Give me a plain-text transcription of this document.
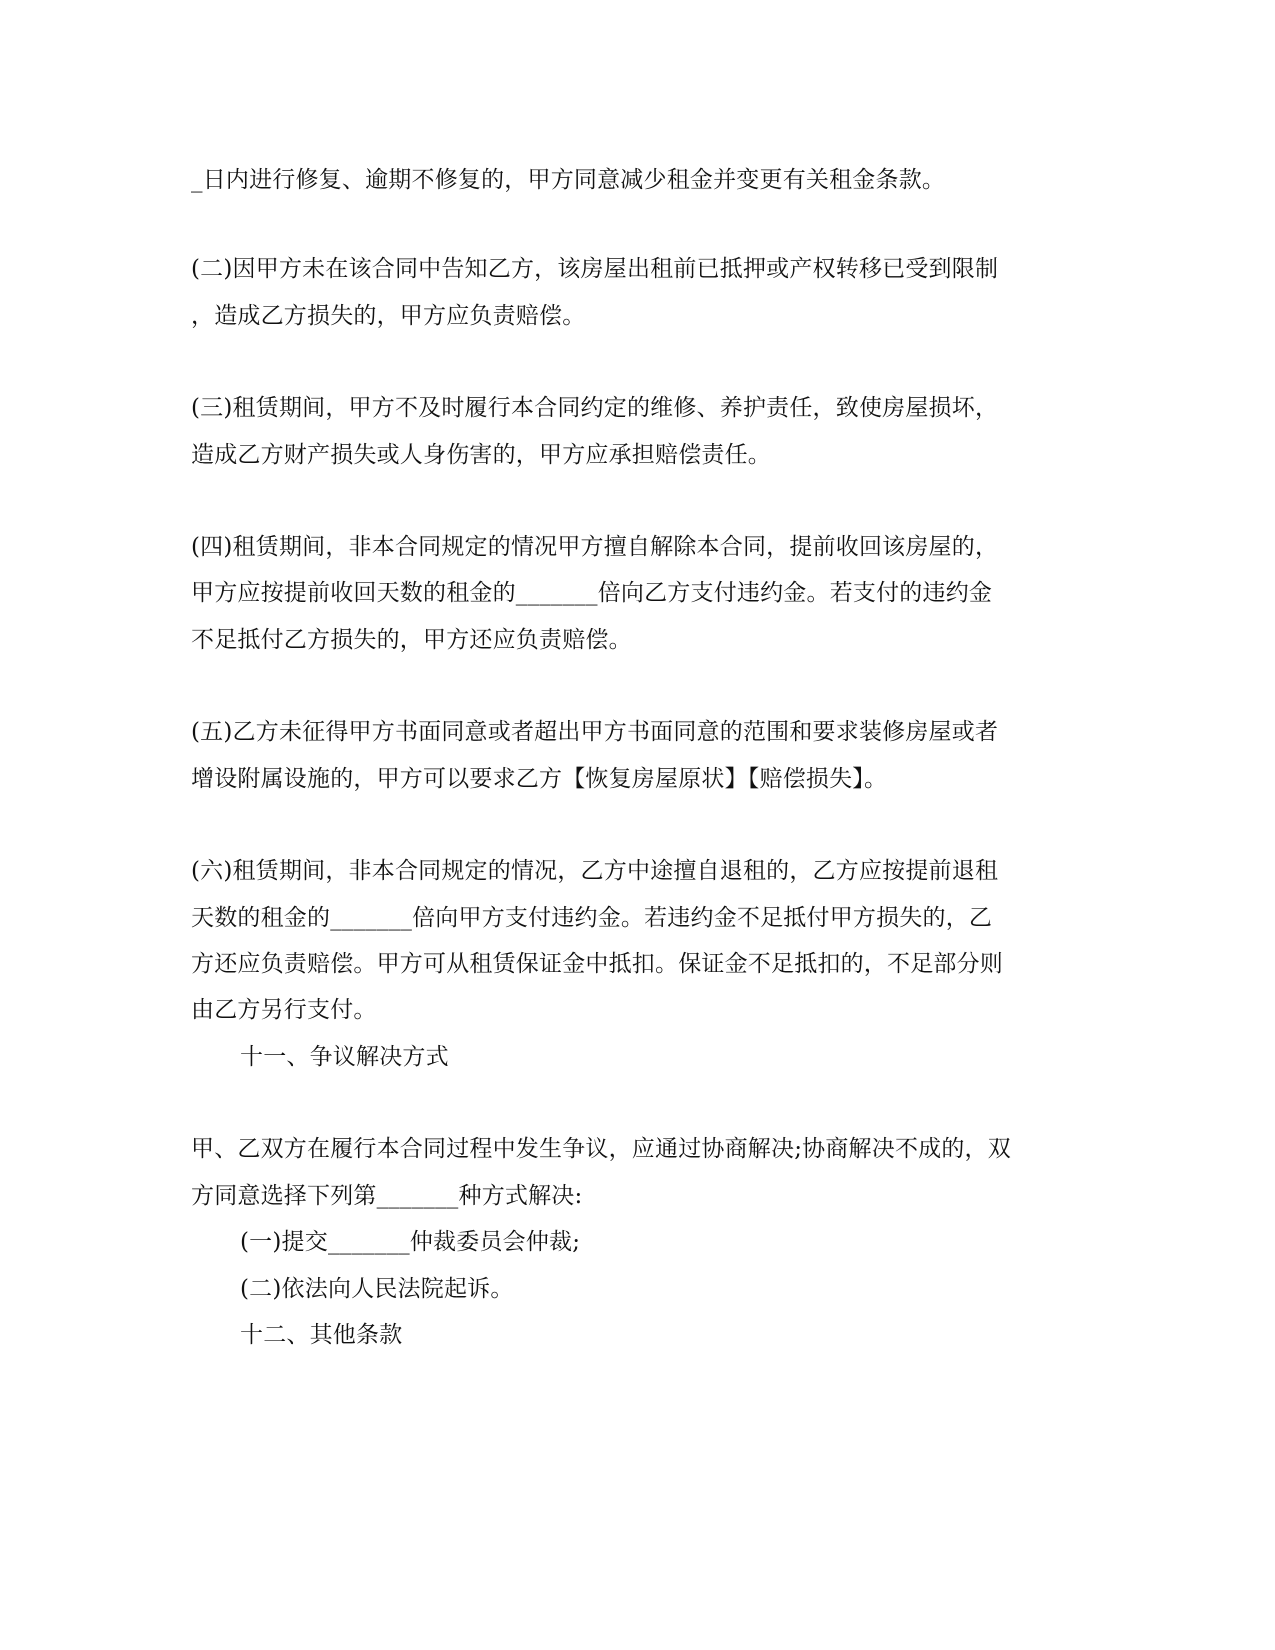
_日内进行修复、逾期不修复的，甲方同意减少租金并变更有关租金条款。
(二)因甲方未在该合同中告知乙方，该房屋出租前已抵押或产权转移已受到限制
，造成乙方损失的，甲方应负责赔偿。
(三)租赁期间，甲方不及时履行本合同约定的维修、养护责任，致使房屋损坏，
造成乙方财产损失或人身伤害的，甲方应承担赔偿责任。
(四)租赁期间，非本合同规定的情况甲方擅自解除本合同，提前收回该房屋的，
甲方应按提前收回天数的租金的_______倍向乙方支付违约金。若支付的违约金
不足抵付乙方损失的，甲方还应负责赔偿。
(五)乙方未征得甲方书面同意或者超出甲方书面同意的范围和要求装修房屋或者
增设附属设施的，甲方可以要求乙方【恢复房屋原状】【赔偿损失】。
(六)租赁期间，非本合同规定的情况，乙方中途擅自退租的，乙方应按提前退租
天数的租金的_______倍向甲方支付违约金。若违约金不足抵付甲方损失的，乙
方还应负责赔偿。甲方可从租赁保证金中抵扣。保证金不足抵扣的，不足部分则
由乙方另行支付。
十一、争议解决方式
甲、乙双方在履行本合同过程中发生争议，应通过协商解决;协商解决不成的，双
方同意选择下列第_______种方式解决:
(一)提交_______仲裁委员会仲裁;
(二)依法向人民法院起诉。
十二、其他条款
